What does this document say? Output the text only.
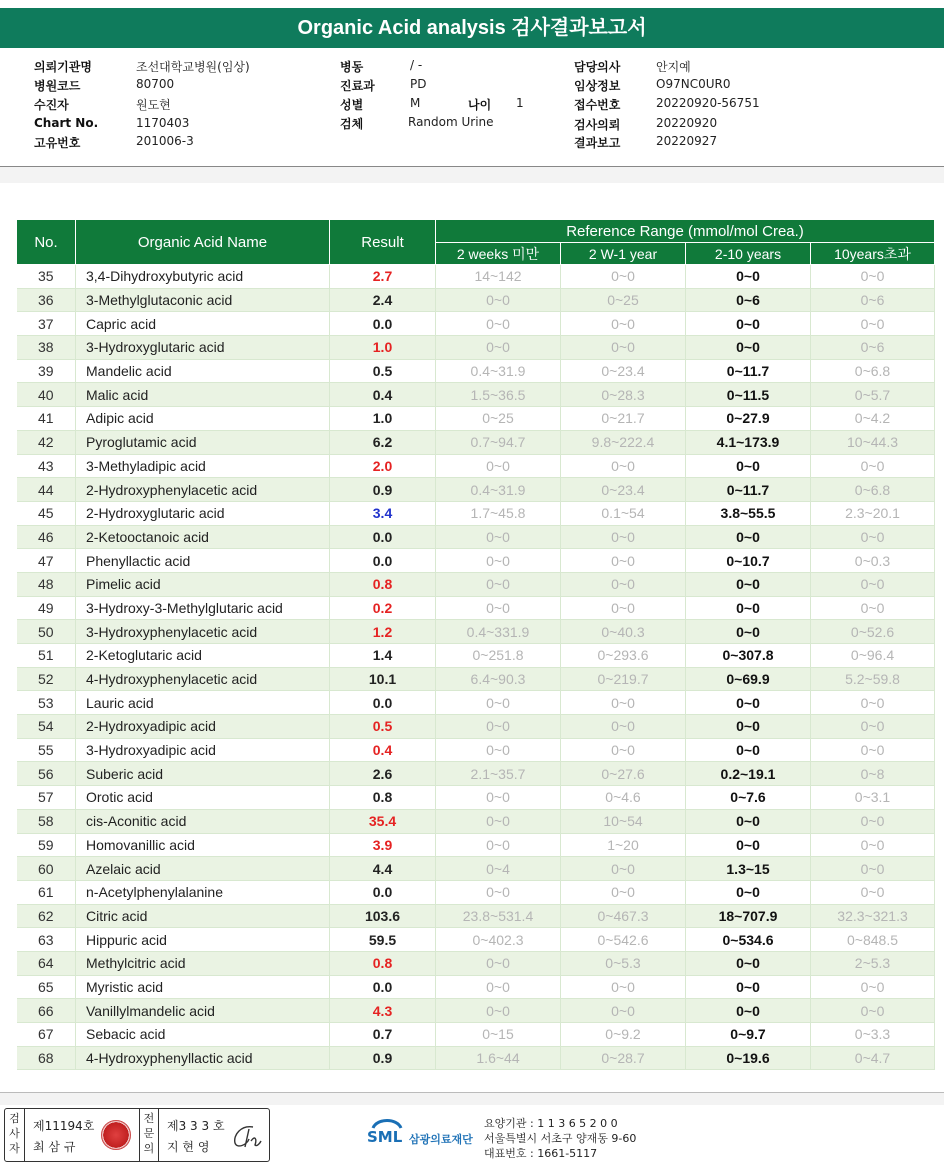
Organic Acid analysis 검사결과보고서
의뢰기관명	조선대학교병원(임상)
병원코드	80700
수진자	원도현
Chart No.	1170403
고유번호	201006-3
병동	/ -
진료과	PD
성별	M	나이 1
검체	Random Urine
담당의사	안지예
임상정보	O97NC0UR0
접수번호	20220920-56751
검사의뢰	20220920
결과보고	20220927
No.	Organic Acid Name	Result	Reference Range (mmol/mol Crea.)			
			2 weeks 미만	2 W-1 year	2-10 years	10years초과
35	3,4-Dihydroxybutyric acid	2.7	14~142	0~0	0~0	0~0
36	3-Methylglutaconic acid	2.4	0~0	0~25	0~6	0~6
37	Capric acid	0.0	0~0	0~0	0~0	0~0
38	3-Hydroxyglutaric acid	1.0	0~0	0~0	0~0	0~6
39	Mandelic acid	0.5	0.4~31.9	0~23.4	0~11.7	0~6.8
40	Malic acid	0.4	1.5~36.5	0~28.3	0~11.5	0~5.7
41	Adipic acid	1.0	0~25	0~21.7	0~27.9	0~4.2
42	Pyroglutamic acid	6.2	0.7~94.7	9.8~222.4	4.1~173.9	10~44.3
43	3-Methyladipic acid	2.0	0~0	0~0	0~0	0~0
44	2-Hydroxyphenylacetic acid	0.9	0.4~31.9	0~23.4	0~11.7	0~6.8
45	2-Hydroxyglutaric acid	3.4	1.7~45.8	0.1~54	3.8~55.5	2.3~20.1
46	2-Ketooctanoic acid	0.0	0~0	0~0	0~0	0~0
47	Phenyllactic acid	0.0	0~0	0~0	0~10.7	0~0.3
48	Pimelic acid	0.8	0~0	0~0	0~0	0~0
49	3-Hydroxy-3-Methylglutaric acid	0.2	0~0	0~0	0~0	0~0
50	3-Hydroxyphenylacetic acid	1.2	0.4~331.9	0~40.3	0~0	0~52.6
51	2-Ketoglutaric acid	1.4	0~251.8	0~293.6	0~307.8	0~96.4
52	4-Hydroxyphenylacetic acid	10.1	6.4~90.3	0~219.7	0~69.9	5.2~59.8
53	Lauric acid	0.0	0~0	0~0	0~0	0~0
54	2-Hydroxyadipic acid	0.5	0~0	0~0	0~0	0~0
55	3-Hydroxyadipic acid	0.4	0~0	0~0	0~0	0~0
56	Suberic acid	2.6	2.1~35.7	0~27.6	0.2~19.1	0~8
57	Orotic acid	0.8	0~0	0~4.6	0~7.6	0~3.1
58	cis-Aconitic acid	35.4	0~0	10~54	0~0	0~0
59	Homovanillic acid	3.9	0~0	1~20	0~0	0~0
60	Azelaic acid	4.4	0~4	0~0	1.3~15	0~0
61	n-Acetylphenylalanine	0.0	0~0	0~0	0~0	0~0
62	Citric acid	103.6	23.8~531.4	0~467.3	18~707.9	32.3~321.3
63	Hippuric acid	59.5	0~402.3	0~542.6	0~534.6	0~848.5
64	Methylcitric acid	0.8	0~0	0~5.3	0~0	2~5.3
65	Myristic acid	0.0	0~0	0~0	0~0	0~0
66	Vanillylmandelic acid	4.3	0~0	0~0	0~0	0~0
67	Sebacic acid	0.7	0~15	0~9.2	0~9.7	0~3.3
68	4-Hydroxyphenyllactic acid	0.9	1.6~44	0~28.7	0~19.6	0~4.7
검사자
제11194호
최 삼 규
전문의
제3 3 3 호
지 현 영
SML 삼광의료재단
요양기관 : 1 1 3 6 5 2 0 0
서울특별시 서초구 양재동 9-60
대표번호 : 1661-5117
